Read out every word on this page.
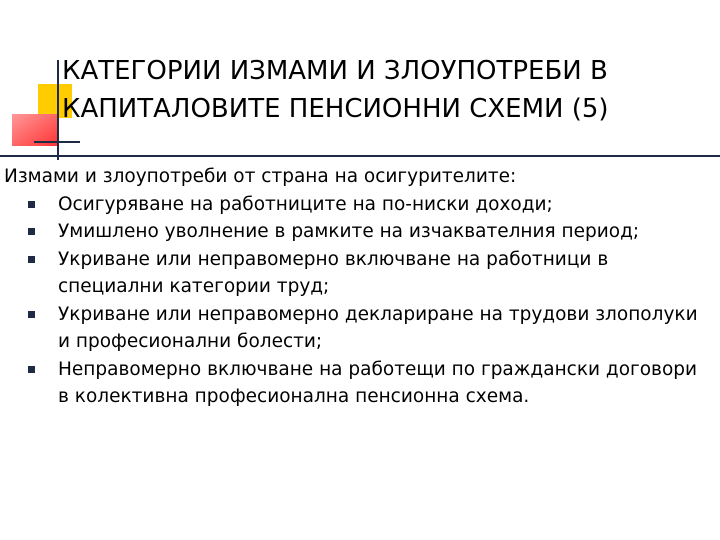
КАТЕГОРИИ ИЗМАМИ И ЗЛОУПОТРЕБИ В КАПИТАЛОВИТЕ ПЕНСИОННИ СХЕМИ (5)

Измами и злоупотреби от страна на осигурителите:

Осигуряване на работниците на по-ниски доходи;
Умишлено уволнение в рамките на изчаквателния период;
Укриване или неправомерно включване на работници в специални категории труд;
Укриване или неправомерно деклариране на трудови злополуки и професионални болести;
Неправомерно включване на работещи по граждански договори в колективна професионална пенсионна схема.
